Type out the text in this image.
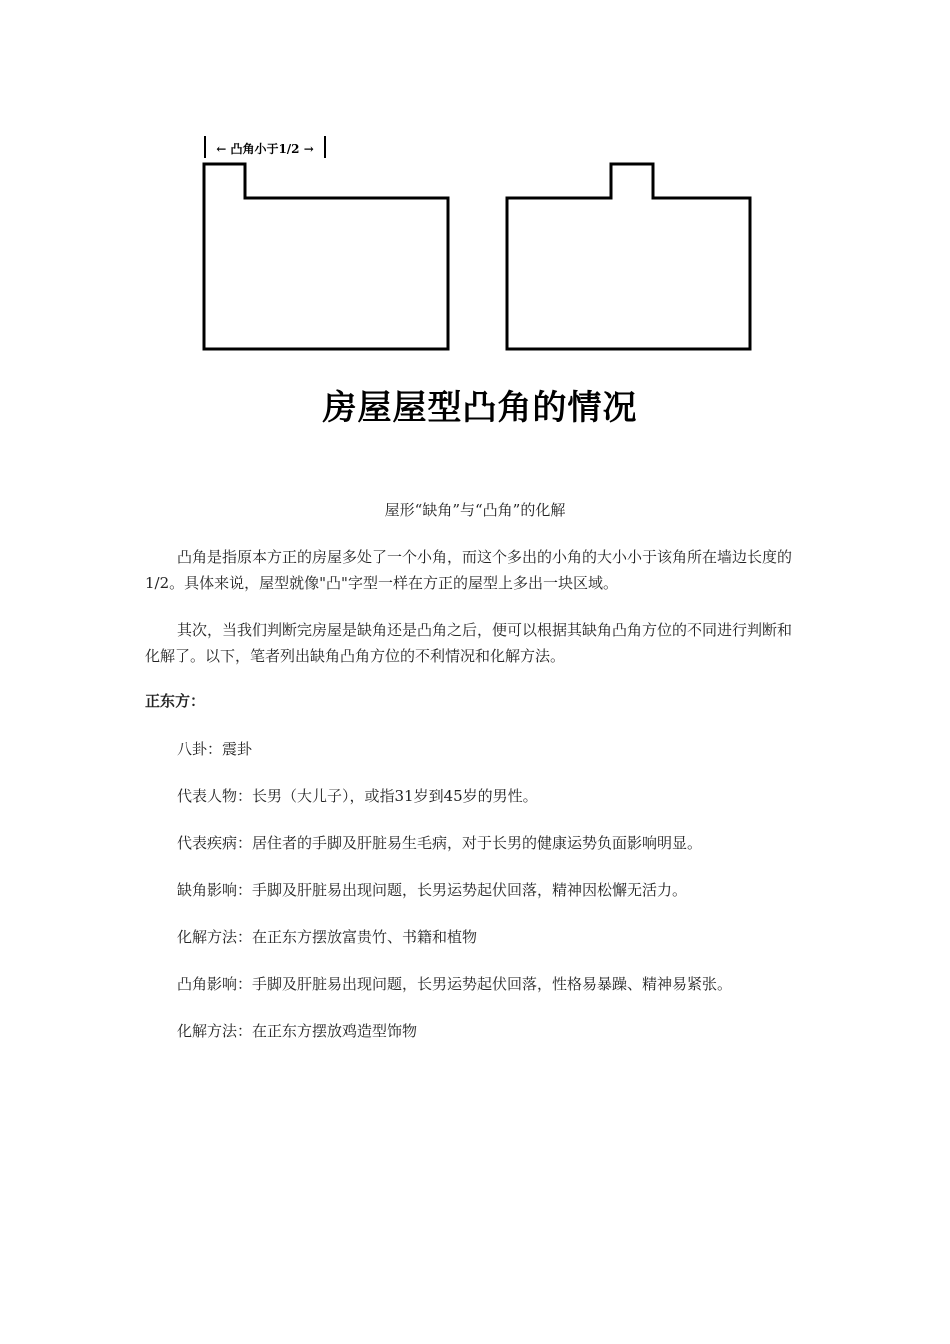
← 凸角小于1/2 →
房屋屋型凸角的情况
屋形“缺角”与“凸角”的化解

凸角是指原本方正的房屋多处了一个小角，而这个多出的小角的大小小于该角所在墙边长度的1/2。具体来说，屋型就像"凸"字型一样在方正的屋型上多出一块区域。

其次，当我们判断完房屋是缺角还是凸角之后，便可以根据其缺角凸角方位的不同进行判断和化解了。以下，笔者列出缺角凸角方位的不利情况和化解方法。

正东方：

八卦：震卦

代表人物：长男（大儿子），或指31岁到45岁的男性。

代表疾病：居住者的手脚及肝脏易生毛病，对于长男的健康运势负面影响明显。

缺角影响：手脚及肝脏易出现问题，长男运势起伏回落，精神因松懈无活力。

化解方法：在正东方摆放富贵竹、书籍和植物

凸角影响：手脚及肝脏易出现问题，长男运势起伏回落，性格易暴躁、精神易紧张。

化解方法：在正东方摆放鸡造型饰物
